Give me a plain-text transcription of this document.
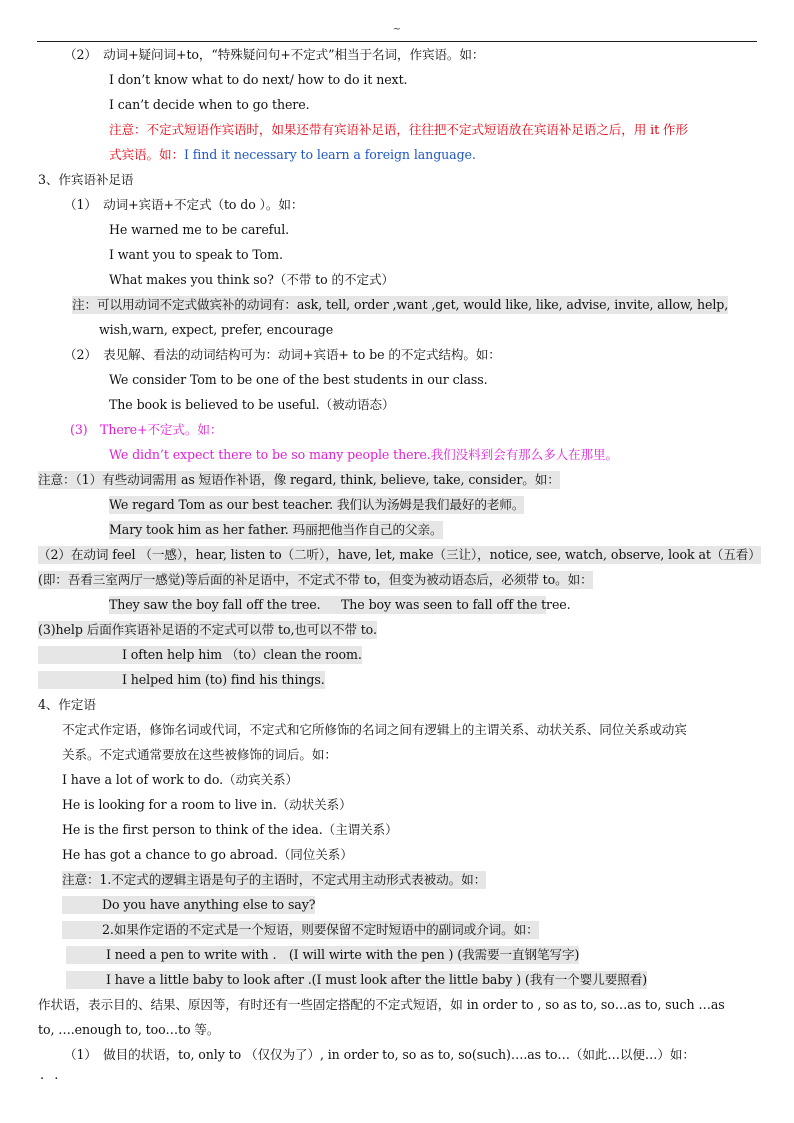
~
（2）　动词+疑问词+to，“特殊疑问句+不定式”相当于名词，作宾语。如：
I don’t know what to do next/ how to do it next.
I can’t decide when to go there.
注意：不定式短语作宾语时，如果还带有宾语补足语，往往把不定式短语放在宾语补足语之后，用 it 作形
式宾语。如：I find it necessary to learn a foreign language.
3、作宾语补足语
（1）　动词+宾语+不定式（to do ）。如：
He warned me to be careful.
I want you to speak to Tom.
What makes you think so?（不带 to 的不定式）
注：可以用动词不定式做宾补的动词有：ask, tell, order ,want ,get, would like, like, advise, invite, allow, help,
wish,warn, expect, prefer, encourage
（2）　表见解、看法的动词结构可为：动词+宾语+ to be 的不定式结构。如：
We consider Tom to be one of the best students in our class.
The book is believed to be useful.（被动语态）
(3)　There+不定式。如：
We didn’t expect there to be so many people there.我们没料到会有那么多人在那里。
注意：（1）有些动词需用 as 短语作补语，像 regard, think, believe, take, consider。如：
We regard Tom as our best teacher. 我们认为汤姆是我们最好的老师。
Mary took him as her father. 玛丽把他当作自己的父亲。
（2）在动词 feel （一感），hear, listen to（二听），have, let, make（三让），notice, see, watch, observe, look at（五看）
(即：吾看三室两厅一感觉)等后面的补足语中，不定式不带 to，但变为被动语态后，必须带 to。如：
They saw the boy fall off the tree. The boy was seen to fall off the tree.
(3)help 后面作宾语补足语的不定式可以带 to,也可以不带 to.
I often help him （to）clean the room.
I helped him (to) find his things.
4、作定语
不定式作定语，修饰名词或代词，不定式和它所修饰的名词之间有逻辑上的主谓关系、动状关系、同位关系或动宾
关系。不定式通常要放在这些被修饰的词后。如：
I have a lot of work to do.（动宾关系）
He is looking for a room to live in.（动状关系）
He is the first person to think of the idea.（主谓关系）
He has got a chance to go abroad.（同位关系）
注意：1.不定式的逻辑主语是句子的主语时，不定式用主动形式表被动。如：
Do you have anything else to say?
2.如果作定语的不定式是一个短语，则要保留不定时短语中的副词或介词。如：
I need a pen to write with .　(I will wirte with the pen ) (我需要一直钢笔写字)
I have a little baby to look after .(I must look after the little baby ) (我有一个婴儿要照看)
作状语，表示目的、结果、原因等，有时还有一些固定搭配的不定式短语，如 in order to , so as to, so…as to, such …as
to, ….enough to, too…to 等。
（1）　做目的状语，to, only to （仅仅为了）, in order to, so as to, so(such)….as to…（如此…以便…）如：
. .
